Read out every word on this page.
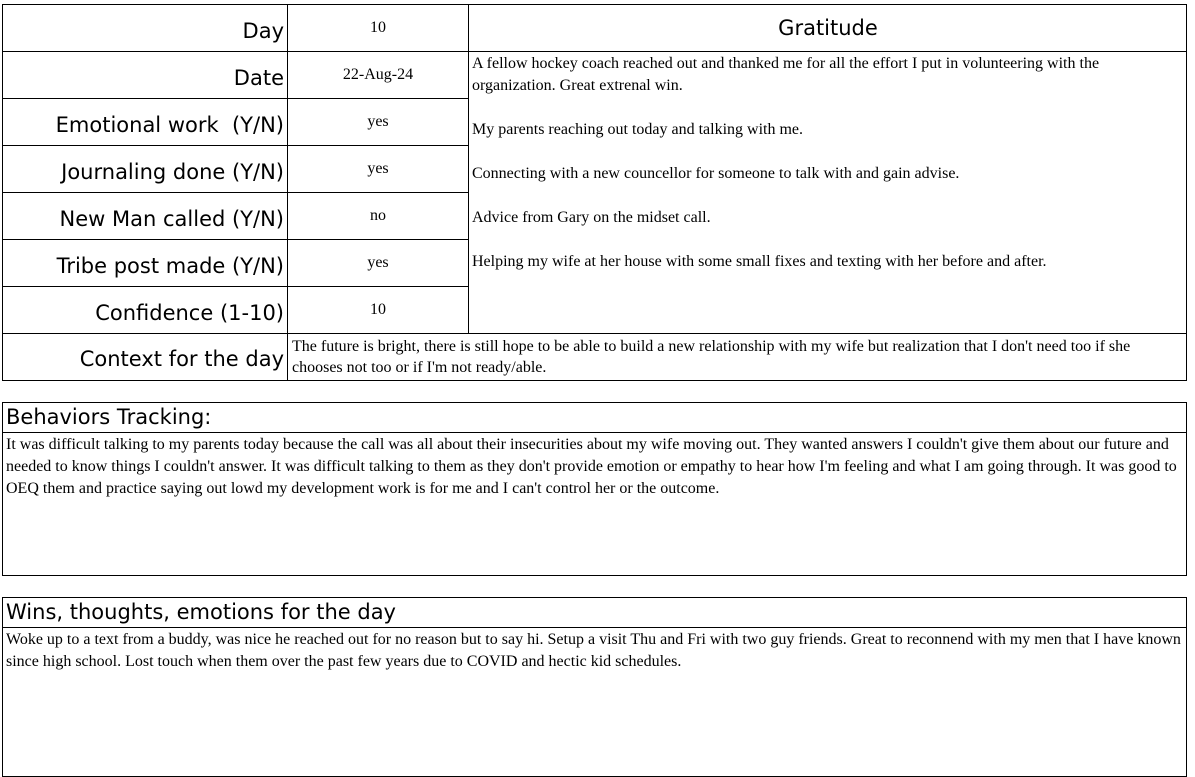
Day
Date
Emotional work  (Y/N)
Journaling done (Y/N)
New Man called (Y/N)
Tribe post made (Y/N)
Confidence (1-10)
10
22-Aug-24
yes
yes
no
yes
10
Gratitude
A fellow hockey coach reached out and thanked me for all the effort I put in volunteering with the organization. Great extrenal win.
My parents reaching out today and talking with me.
Connecting with a new councellor for someone to talk with and gain advise.
Advice from Gary on the midset call.
Helping my wife at her house with some small fixes and texting with her before and after.
Context for the day The future is bright, there is still hope to be able to build a new relationship with my wife but realization that I don't need too if she chooses not too or if I'm not ready/able.
Behaviors Tracking:
It was difficult talking to my parents today because the call was all about their insecurities about my wife moving out. They wanted answers I couldn't give them about our future and needed to know things I couldn't answer. It was difficult talking to them as they don't provide emotion or empathy to hear how I'm feeling and what I am going through. It was good to OEQ them and practice saying out lowd my development work is for me and I can't control her or the outcome.
Wins, thoughts, emotions for the day
Woke up to a text from a buddy, was nice he reached out for no reason but to say hi. Setup a visit Thu and Fri with two guy friends. Great to reconnend with my men that I have known since high school. Lost touch when them over the past few years due to COVID and hectic kid schedules.
